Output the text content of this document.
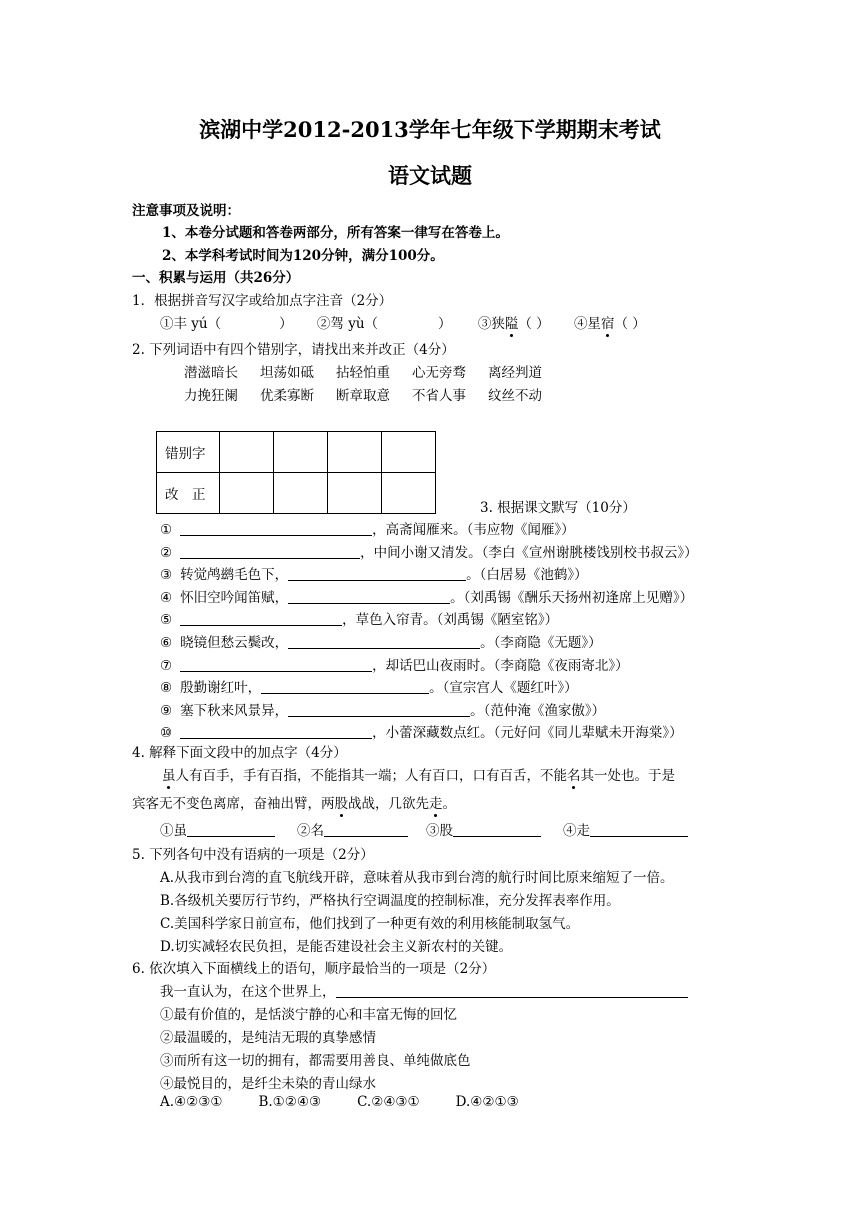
滨湖中学2012-2013学年七年级下学期期末考试
语文试题
注意事项及说明：
1、本卷分试题和答卷两部分，所有答案一律写在答卷上。
2、本学科考试时间为120分钟，满分100分。
一、积累与运用（共26分）
1．根据拼音写汉字或给加点字注音（2分）
①丰 yú（	） ②驾 yù（	） ③狭隘（ ） ④星宿（ ）
2. 下列词语中有四个错别字，请找出来并改正（4分）
潜滋暗长 坦荡如砥 拈轻怕重 心无旁骛 离经判道
力挽狂阑 优柔寡断 断章取意 不省人事 纹丝不动
错别字				
改　正				
3. 根据课文默写（10分）
①	，高斋闻雁来。（韦应物《闻雁》）
②	，中间小谢又清发。（李白《宣州谢朓楼饯别校书叔云》）
③ 转觉鸬鹚毛色下，	。（白居易《池鹤》）
④ 怀旧空吟闻笛赋，	。（刘禹锡《酬乐天扬州初逢席上见赠》）
⑤	，草色入帘青。（刘禹锡《陋室铭》）
⑥ 晓镜但愁云鬓改，	。（李商隐《无题》）
⑦	，却话巴山夜雨时。（李商隐《夜雨寄北》）
⑧ 殷勤谢红叶，	。（宣宗宫人《题红叶》）
⑨ 塞下秋来风景异，	。（范仲淹《渔家傲》）
⑩	，小蕾深藏数点红。（元好问《同儿辈赋未开海棠》）
4. 解释下面文段中的加点字（4分）
虽人有百手，手有百指，不能指其一端；人有百口，口有百舌，不能名其一处也。于是
宾客无不变色离席，奋袖出臂，两股战战，几欲先走。
①虽	②名	③股	④走
5. 下列各句中没有语病的一项是（2分）
A.从我市到台湾的直飞航线开辟，意味着从我市到台湾的航行时间比原来缩短了一倍。
B.各级机关要厉行节约，严格执行空调温度的控制标准，充分发挥表率作用。
C.美国科学家日前宣布，他们找到了一种更有效的利用核能制取氢气。
D.切实减轻农民负担，是能否建设社会主义新农村的关键。
6. 依次填入下面横线上的语句，顺序最恰当的一项是（2分）
我一直认为，在这个世界上，
①最有价值的，是恬淡宁静的心和丰富无悔的回忆
②最温暖的，是纯洁无瑕的真挚感情
③而所有这一切的拥有，都需要用善良、单纯做底色
④最悦目的，是纤尘未染的青山绿水
A.④②③①	B.①②④③	C.②④③①	D.④②①③
